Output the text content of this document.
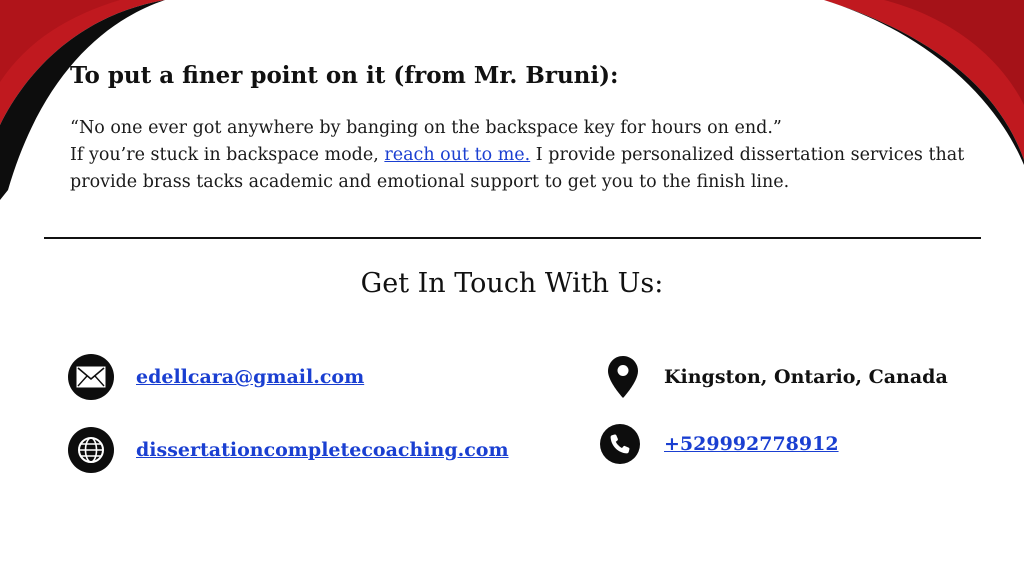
To put a finer point on it (from Mr. Bruni):

“No one ever got anywhere by banging on the backspace key for hours on end.”

If you’re stuck in backspace mode, reach out to me. I provide personalized dissertation services that provide brass tacks academic and emotional support to get you to the finish line.

Get In Touch With Us:
edellcara@gmail.com
dissertationcompletecoaching.com
Kingston, Ontario, Canada
+529992778912
